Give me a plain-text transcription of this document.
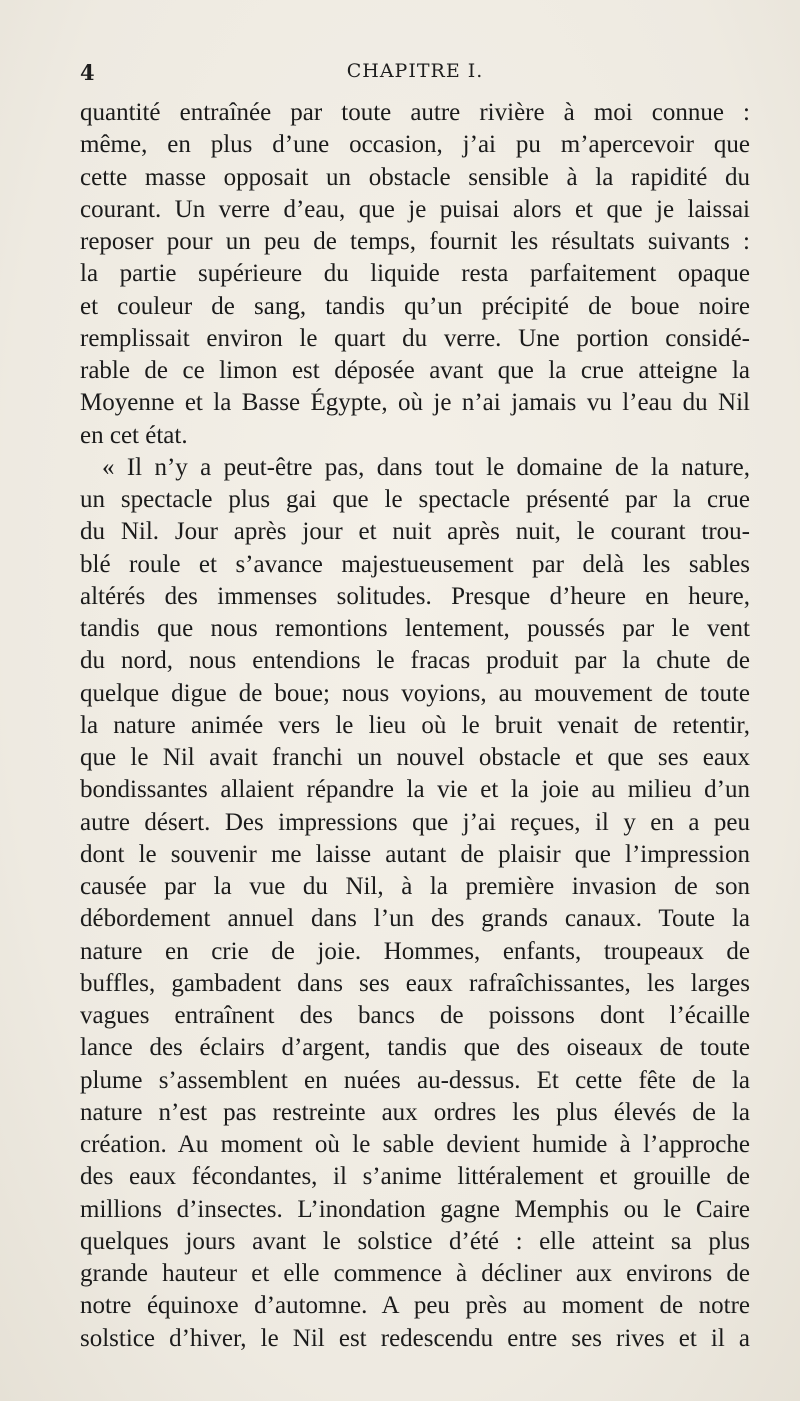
4	CHAPITRE I.
quantité entraînée par toute autre rivière à moi connue :
même, en plus d’une occasion, j’ai pu m’apercevoir que
cette masse opposait un obstacle sensible à la rapidité du
courant. Un verre d’eau, que je puisai alors et que je laissai
reposer pour un peu de temps, fournit les résultats suivants :
la partie supérieure du liquide resta parfaitement opaque
et couleur de sang, tandis qu’un précipité de boue noire
remplissait environ le quart du verre. Une portion considé-
rable de ce limon est déposée avant que la crue atteigne la
Moyenne et la Basse Égypte, où je n’ai jamais vu l’eau du Nil
en cet état.
« Il n’y a peut-être pas, dans tout le domaine de la nature,
un spectacle plus gai que le spectacle présenté par la crue
du Nil. Jour après jour et nuit après nuit, le courant trou-
blé roule et s’avance majestueusement par delà les sables
altérés des immenses solitudes. Presque d’heure en heure,
tandis que nous remontions lentement, poussés par le vent
du nord, nous entendions le fracas produit par la chute de
quelque digue de boue; nous voyions, au mouvement de toute
la nature animée vers le lieu où le bruit venait de retentir,
que le Nil avait franchi un nouvel obstacle et que ses eaux
bondissantes allaient répandre la vie et la joie au milieu d’un
autre désert. Des impressions que j’ai reçues, il y en a peu
dont le souvenir me laisse autant de plaisir que l’impression
causée par la vue du Nil, à la première invasion de son
débordement annuel dans l’un des grands canaux. Toute la
nature en crie de joie. Hommes, enfants, troupeaux de
buffles, gambadent dans ses eaux rafraîchissantes, les larges
vagues entraînent des bancs de poissons dont l’écaille
lance des éclairs d’argent, tandis que des oiseaux de toute
plume s’assemblent en nuées au-dessus. Et cette fête de la
nature n’est pas restreinte aux ordres les plus élevés de la
création. Au moment où le sable devient humide à l’approche
des eaux fécondantes, il s’anime littéralement et grouille de
millions d’insectes. L’inondation gagne Memphis ou le Caire
quelques jours avant le solstice d’été : elle atteint sa plus
grande hauteur et elle commence à décliner aux environs de
notre équinoxe d’automne. A peu près au moment de notre
solstice d’hiver, le Nil est redescendu entre ses rives et il a
